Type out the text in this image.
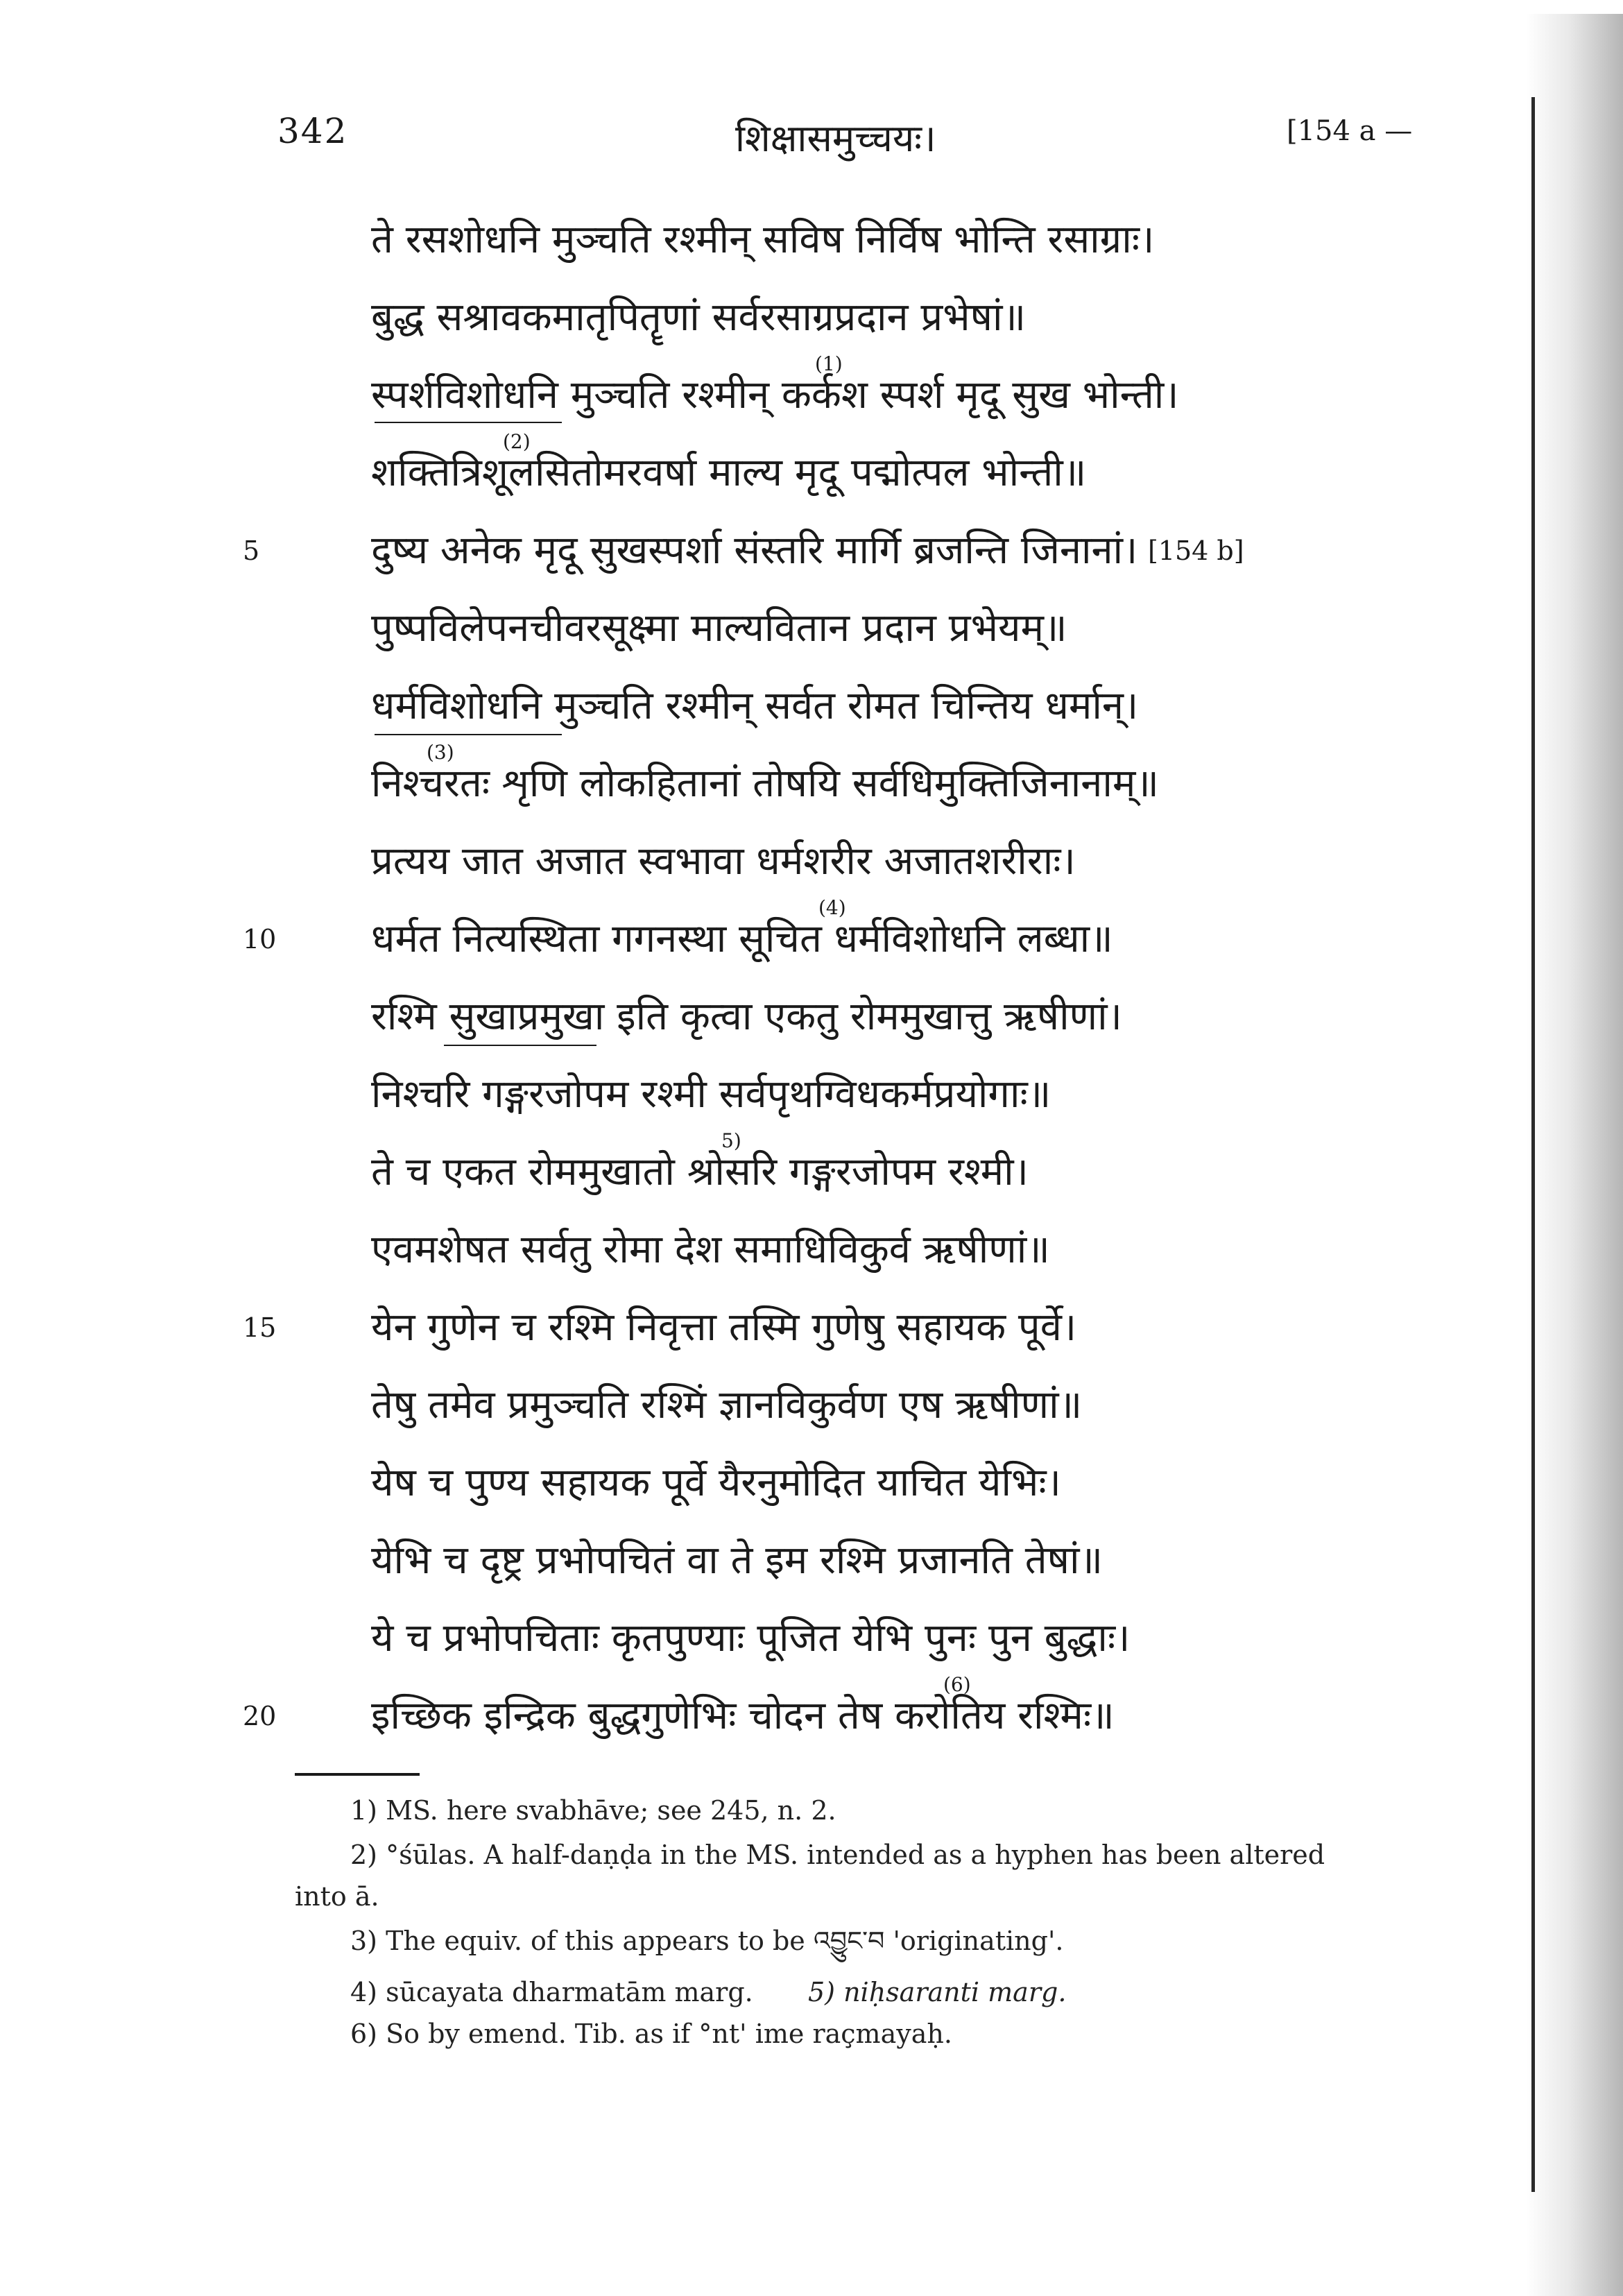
342	शिक्षासमुच्चयः।	[154 a —
ते रसशोधनि मुञ्चति रश्मीन् सविष निर्विष भोन्ति रसाग्राः।
बुद्ध सश्रावकमातृपितॄणां सर्वरसाग्रप्रदान प्रभेषां॥
स्पर्शविशोधनि मुञ्चति रश्मीन् कर्कश स्पर्श मृदू सुख भोन्ती।
(1)
शक्तित्रिशूलसितोमरवर्षा माल्य मृदू पद्मोत्पल भोन्ती॥
(2)
5	दुष्य अनेक मृदू सुखस्पर्शा संस्तरि मार्गि ब्रजन्ति जिनानां। [154 b]
पुष्पविलेपनचीवरसूक्ष्मा माल्यवितान प्रदान प्रभेयम्॥
धर्मविशोधनि मुञ्चति रश्मीन् सर्वत रोमत चिन्तिय धर्मान्।
निश्चरतः शृणि लोकहितानां तोषयि सर्वधिमुक्तिजिनानाम्॥
(3)
प्रत्यय जात अजात स्वभावा धर्मशरीर अजातशरीराः।
10	धर्मत नित्यस्थिता गगनस्था सूचित धर्मविशोधनि लब्धा॥
(4)
रश्मि सुखाप्रमुखा इति कृत्वा एकतु रोममुखात्तु ऋषीणां।
निश्चरि गङ्गरजोपम रश्मी सर्वपृथग्विधकर्मप्रयोगाः॥
ते च एकत रोममुखातो श्रोसरि गङ्गरजोपम रश्मी।
5)
एवमशेषत सर्वतु रोमा देश समाधिविकुर्व ऋषीणां॥
15	येन गुणेन च रश्मि निवृत्ता तस्मि गुणेषु सहायक पूर्वे।
तेषु तमेव प्रमुञ्चति रश्मिं ज्ञानविकुर्वण एष ऋषीणां॥
येष च पुण्य सहायक पूर्वे यैरनुमोदित याचित येभिः।
येभि च दृष्ट्र प्रभोपचितं वा ते इम रश्मि प्रजानति तेषां॥
ये च प्रभोपचिताः कृतपुण्याः पूजित येभि पुनः पुन बुद्धाः।
20	इच्छिक इन्द्रिक बुद्धगुणेभिः चोदन तेष करोतिय रश्मिः॥
(6)
1) MS. here svabhāve; see 245, n. 2.
2) °śūlas. A half-daṇḍa in the MS. intended as a hyphen has been altered
into ā.
3) The equiv. of this appears to be འབྱུང་བ 'originating'.
4) sūcayata dharmatām marg. 5) niḥsaranti marg.
6) So by emend. Tib. as if °nt' ime raçmayaḥ.
